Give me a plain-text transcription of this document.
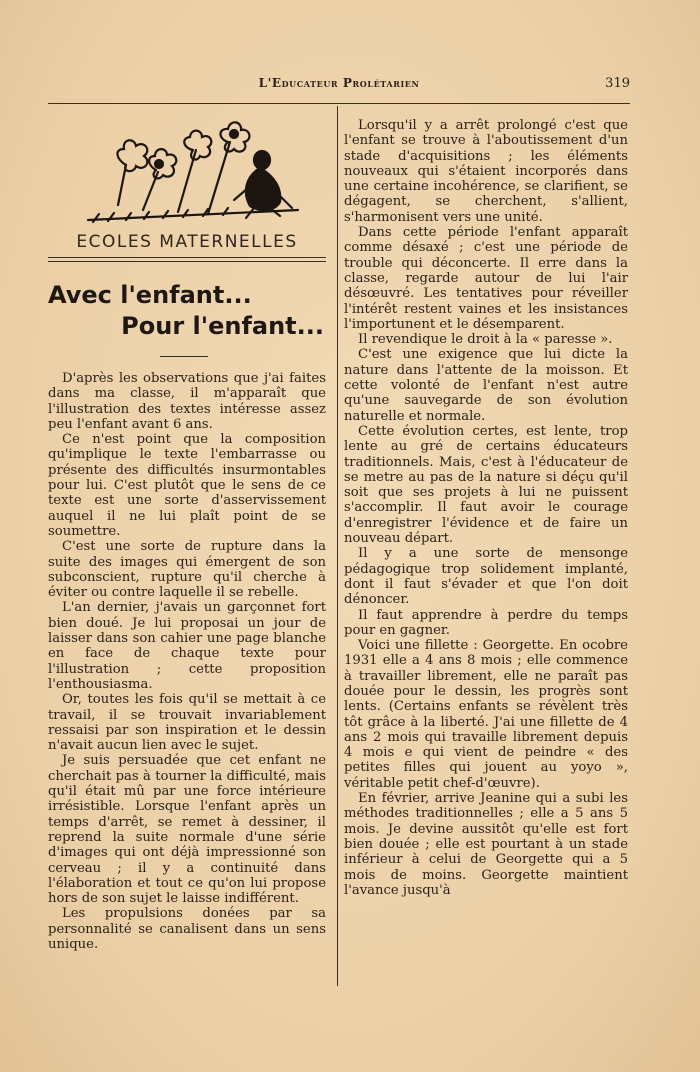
L'Educateur Prolétarien	319
ECOLES MATERNELLES
Avec l'enfant...
Pour l'enfant...

D'après les observations que j'ai faites dans ma classe, il m'apparaît que l'illustration des textes intéresse assez peu l'enfant avant 6 ans.

Ce n'est point que la composition qu'implique le texte l'embarrasse ou présente des difficultés insurmontables pour lui. C'est plutôt que le sens de ce texte est une sorte d'asservissement auquel il ne lui plaît point de se soumettre.

C'est une sorte de rupture dans la suite des images qui émergent de son subconscient, rupture qu'il cherche à éviter ou contre laquelle il se rebelle.

L'an dernier, j'avais un garçonnet fort bien doué. Je lui proposai un jour de laisser dans son cahier une page blanche en face de chaque texte pour l'illustration ; cette proposition l'enthousiasma.

Or, toutes les fois qu'il se mettait à ce travail, il se trouvait invariablement ressaisi par son inspiration et le dessin n'avait aucun lien avec le sujet.

Je suis persuadée que cet enfant ne cherchait pas à tourner la difficulté, mais qu'il était mû par une force intérieure irrésistible. Lorsque l'enfant après un temps d'arrêt, se remet à dessiner, il reprend la suite normale d'une série d'images qui ont déjà impressionné son cerveau ; il y a continuité dans l'élaboration et tout ce qu'on lui propose hors de son sujet le laisse indifférent.

Les propulsions donées par sa personnalité se canalisent dans un sens unique.

Lorsqu'il y a arrêt prolongé c'est que l'enfant se trouve à l'aboutissement d'un stade d'acquisitions ; les éléments nouveaux qui s'étaient incorporés dans une certaine incohérence, se clarifient, se dégagent, se cherchent, s'allient, s'harmonisent vers une unité.

Dans cette période l'enfant apparaît comme désaxé ; c'est une période de trouble qui déconcerte. Il erre dans la classe, regarde autour de lui l'air désœuvré. Les tentatives pour réveiller l'intérêt restent vaines et les insistances l'importunent et le désemparent.

Il revendique le droit à la « paresse ».

C'est une exigence que lui dicte la nature dans l'attente de la moisson. Et cette volonté de l'enfant n'est autre qu'une sauvegarde de son évolution naturelle et normale.

Cette évolution certes, est lente, trop lente au gré de certains éducateurs traditionnels. Mais, c'est à l'éducateur de se metre au pas de la nature si déçu qu'il soit que ses projets à lui ne puissent s'accomplir. Il faut avoir le courage d'enregistrer l'évidence et de faire un nouveau départ.

Il y a une sorte de mensonge pédagogique trop solidement implanté, dont il faut s'évader et que l'on doit dénoncer.

Il faut apprendre à perdre du temps pour en gagner.

Voici une fillette : Georgette. En ocobre 1931 elle a 4 ans 8 mois ; elle commence à travailler librement, elle ne paraît pas douée pour le dessin, les progrès sont lents. (Certains enfants se révèlent très tôt grâce à la liberté. J'ai une fillette de 4 ans 2 mois qui travaille librement depuis 4 mois e qui vient de peindre « des petites filles qui jouent au yoyo », véritable petit chef-d'œuvre).

En février, arrive Jeanine qui a subi les méthodes traditionnelles ; elle a 5 ans 5 mois. Je devine aussitôt qu'elle est fort bien douée ; elle est pourtant à un stade inférieur à celui de Georgette qui a 5 mois de moins. Georgette maintient l'avance jusqu'à
